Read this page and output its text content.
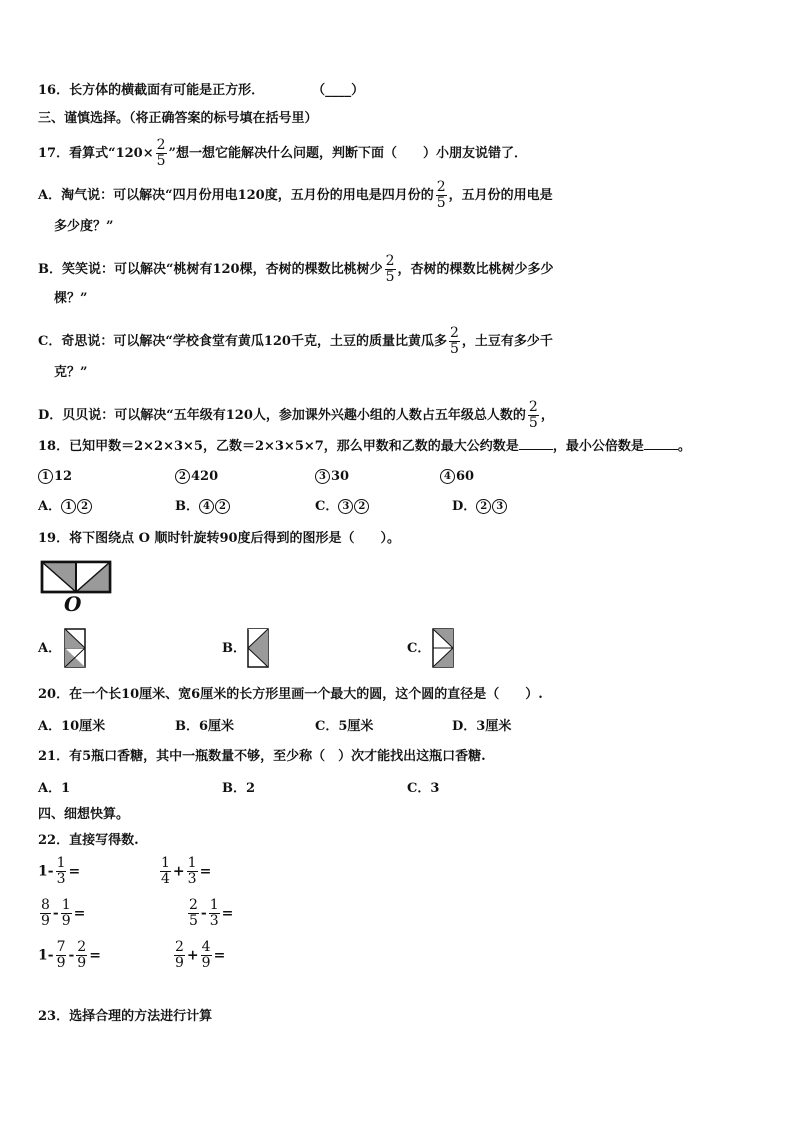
16．长方体的横截面有可能是正方形．	（____）
三、谨慎选择。（将正确答案的标号填在括号里）
17．看算式“$120\times \frac{2}{5}$ ”想一想它能解决什么问题，判断下面（　　）小朋友说错了．
A．淘气说：可以解决“四月份用电120度，五月份的用电是四月份的 $\frac{2}{5}$ ，五月份的用电是
多少度？”
B．笑笑说：可以解决“桃树有120棵，杏树的棵数比桃树少 $\frac{2}{5}$ ，杏树的棵数比桃树少多少
棵？”
C．奇思说：可以解决“学校食堂有黄瓜120千克，土豆的质量比黄瓜多 $\frac{2}{5}$ ，土豆有多少千
克？”
D．贝贝说：可以解决“五年级有120人，参加课外兴趣小组的人数占五年级总人数的 $\frac{2}{5}$ ，
18．已知甲数＝2×2×3×5，乙数＝2×3×5×7，那么甲数和乙数的最大公约数是	，最小公倍数是	。
1 12	2 420	3 30	4 60
A． 1 2	B． 4 2	C． 3 2	D． 2 3
19．将下图绕点 O 顺时针旋转90度后得到的图形是（　　）。
O
A．	B．	C．
20．在一个长10厘米、宽6厘米的长方形里画一个最大的圆，这个圆的直径是（　　）.
A．10厘米	B．6厘米	C．5厘米	D．3厘米
21．有5瓶口香糖，其中一瓶数量不够，至少称（　）次才能找出这瓶口香糖.
A．1	B．2	C．3
四、细想快算。
22．直接写得数.
$1- \frac{1}{3}$ =	$\frac{1}{4} + \frac{1}{3}$ =
$\frac{8}{9} - \frac{1}{9}$ =	$\frac{2}{5} - \frac{1}{3}$ =
$1- \frac{7}{9} - \frac{2}{9}$ =	$\frac{2}{9} + \frac{4}{9}$ =
23．选择合理的方法进行计算
